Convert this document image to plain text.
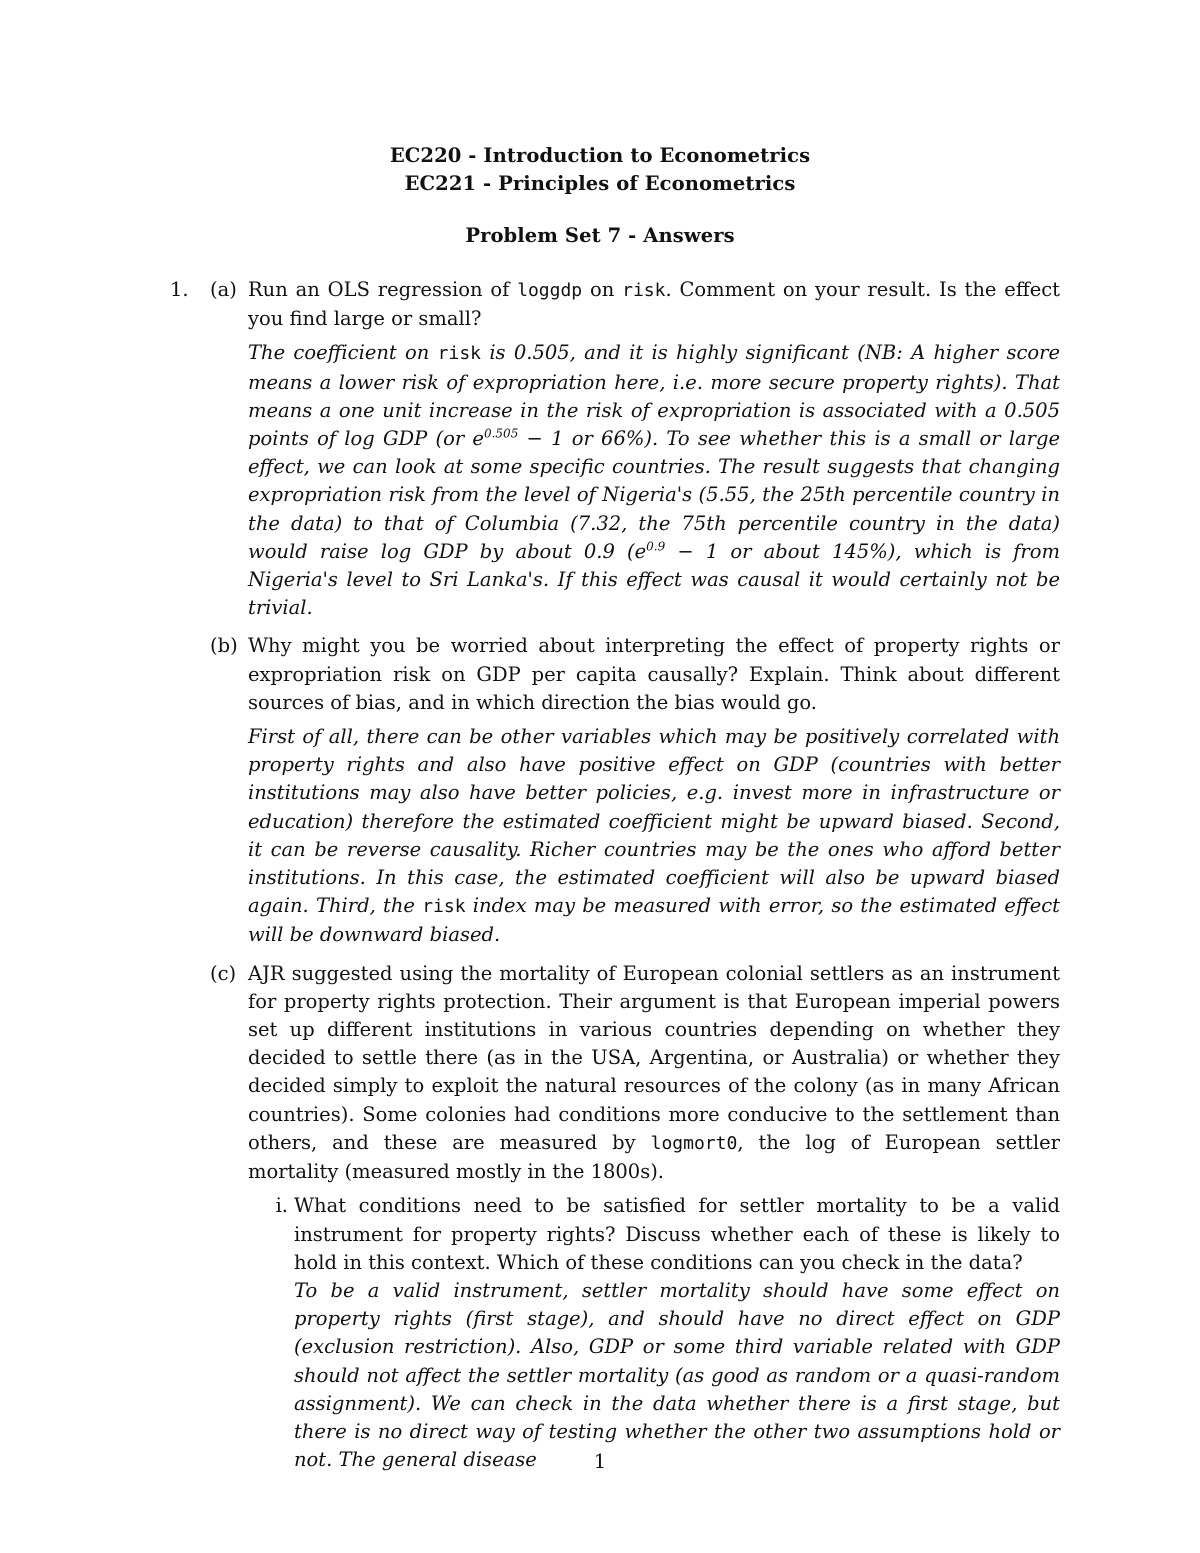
EC220 - Introduction to Econometrics
EC221 - Principles of Econometrics
Problem Set 7 - Answers
1. (a) Run an OLS regression of loggdp on risk. Comment on your result. Is the effect you find large or small?

The coefficient on risk is 0.505, and it is highly significant (NB: A higher score means a lower risk of expropriation here, i.e. more secure property rights). That means a one unit increase in the risk of expropriation is associated with a 0.505 points of log GDP (or $e^{0.505} - 1$ or 66%). To see whether this is a small or large effect, we can look at some specific countries. The result suggests that changing expropriation risk from the level of Nigeria's (5.55, the 25th percentile country in the data) to that of Columbia (7.32, the 75th percentile country in the data) would raise log GDP by about 0.9 ($e^{0.9} - 1$ or about 145%), which is from Nigeria's level to Sri Lanka's. If this effect was causal it would certainly not be trivial.

(b) Why might you be worried about interpreting the effect of property rights or expropriation risk on GDP per capita causally? Explain. Think about different sources of bias, and in which direction the bias would go.

First of all, there can be other variables which may be positively correlated with property rights and also have positive effect on GDP (countries with better institutions may also have better policies, e.g. invest more in infrastructure or education) therefore the estimated coefficient might be upward biased. Second, it can be reverse causality. Richer countries may be the ones who afford better institutions. In this case, the estimated coefficient will also be upward biased again. Third, the risk index may be measured with error, so the estimated effect will be downward biased.

(c) AJR suggested using the mortality of European colonial settlers as an instrument for property rights protection. Their argument is that European imperial powers set up different institutions in various countries depending on whether they decided to settle there (as in the USA, Argentina, or Australia) or whether they decided simply to exploit the natural resources of the colony (as in many African countries). Some colonies had conditions more conducive to the settlement than others, and these are measured by logmort0, the log of European settler mortality (measured mostly in the 1800s).

i. What conditions need to be satisfied for settler mortality to be a valid instrument for property rights? Discuss whether each of these is likely to hold in this context. Which of these conditions can you check in the data?

To be a valid instrument, settler mortality should have some effect on property rights (first stage), and should have no direct effect on GDP (exclusion restriction). Also, GDP or some third variable related with GDP should not affect the settler mortality (as good as random or a quasi-random assignment). We can check in the data whether there is a first stage, but there is no direct way of testing whether the other two assumptions hold or not. The general disease	1
